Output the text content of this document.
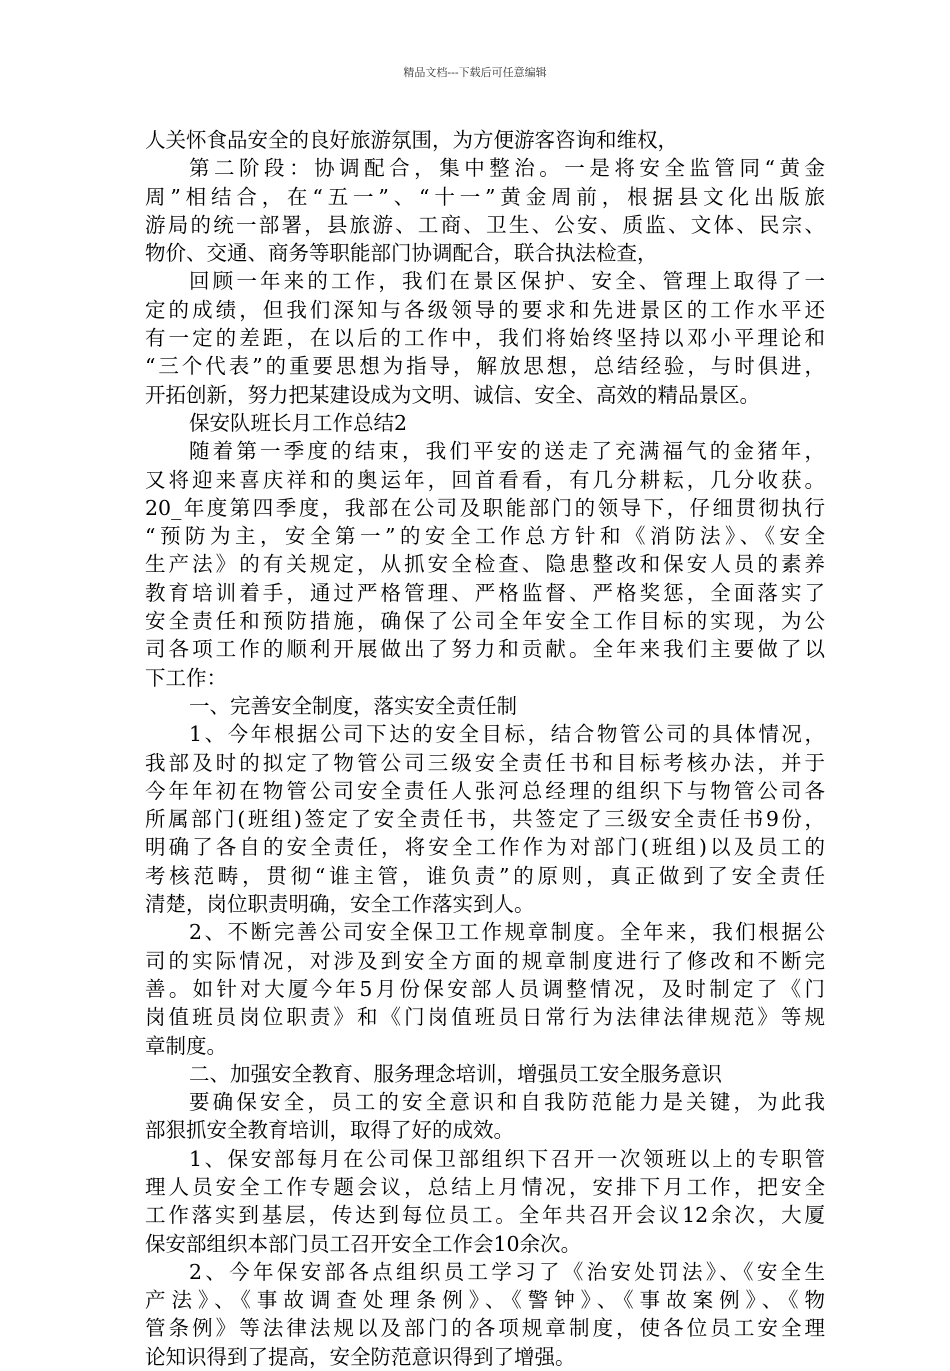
精品文档---下载后可任意编辑
人关怀食品安全的良好旅游氛围，为方便游客咨询和维权，
第二阶段：协调配合，集中整治。一是将安全监管同“黄金
周”相结合，在“五一”、“十一”黄金周前，根据县文化出版旅
游局的统一部署，县旅游、工商、卫生、公安、质监、文体、民宗、
物价、交通、商务等职能部门协调配合，联合执法检查，
回顾一年来的工作，我们在景区保护、安全、管理上取得了一
定的成绩，但我们深知与各级领导的要求和先进景区的工作水平还
有一定的差距，在以后的工作中，我们将始终坚持以邓小平理论和
“三个代表”的重要思想为指导，解放思想，总结经验，与时俱进，
开拓创新，努力把某建设成为文明、诚信、安全、高效的精品景区。
保安队班长月工作总结2
随着第一季度的结束，我们平安的送走了充满福气的金猪年，
又将迎来喜庆祥和的奥运年，回首看看，有几分耕耘，几分收获。
20_年度第四季度，我部在公司及职能部门的领导下，仔细贯彻执行
“预防为主，安全第一”的安全工作总方针和《消防法》、《安全
生产法》的有关规定，从抓安全检查、隐患整改和保安人员的素养
教育培训着手，通过严格管理、严格监督、严格奖惩，全面落实了
安全责任和预防措施，确保了公司全年安全工作目标的实现，为公
司各项工作的顺利开展做出了努力和贡献。全年来我们主要做了以
下工作：
一、完善安全制度，落实安全责任制
1、今年根据公司下达的安全目标，结合物管公司的具体情况，
我部及时的拟定了物管公司三级安全责任书和目标考核办法，并于
今年年初在物管公司安全责任人张河总经理的组织下与物管公司各
所属部门(班组)签定了安全责任书，共签定了三级安全责任书9份，
明确了各自的安全责任，将安全工作作为对部门(班组)以及员工的
考核范畴，贯彻“谁主管，谁负责”的原则，真正做到了安全责任
清楚，岗位职责明确，安全工作落实到人。
2、不断完善公司安全保卫工作规章制度。全年来，我们根据公
司的实际情况，对涉及到安全方面的规章制度进行了修改和不断完
善。如针对大厦今年5月份保安部人员调整情况，及时制定了《门
岗值班员岗位职责》和《门岗值班员日常行为法律法律规范》等规
章制度。
二、加强安全教育、服务理念培训，增强员工安全服务意识
要确保安全，员工的安全意识和自我防范能力是关键，为此我
部狠抓安全教育培训，取得了好的成效。
1、保安部每月在公司保卫部组织下召开一次领班以上的专职管
理人员安全工作专题会议，总结上月情况，安排下月工作，把安全
工作落实到基层，传达到每位员工。全年共召开会议12余次，大厦
保安部组织本部门员工召开安全工作会10余次。
2、今年保安部各点组织员工学习了《治安处罚法》、《安全生
产法》、《事故调查处理条例》、《警钟》、《事故案例》、《物
管条例》等法律法规以及部门的各项规章制度，使各位员工安全理
论知识得到了提高，安全防范意识得到了增强。
